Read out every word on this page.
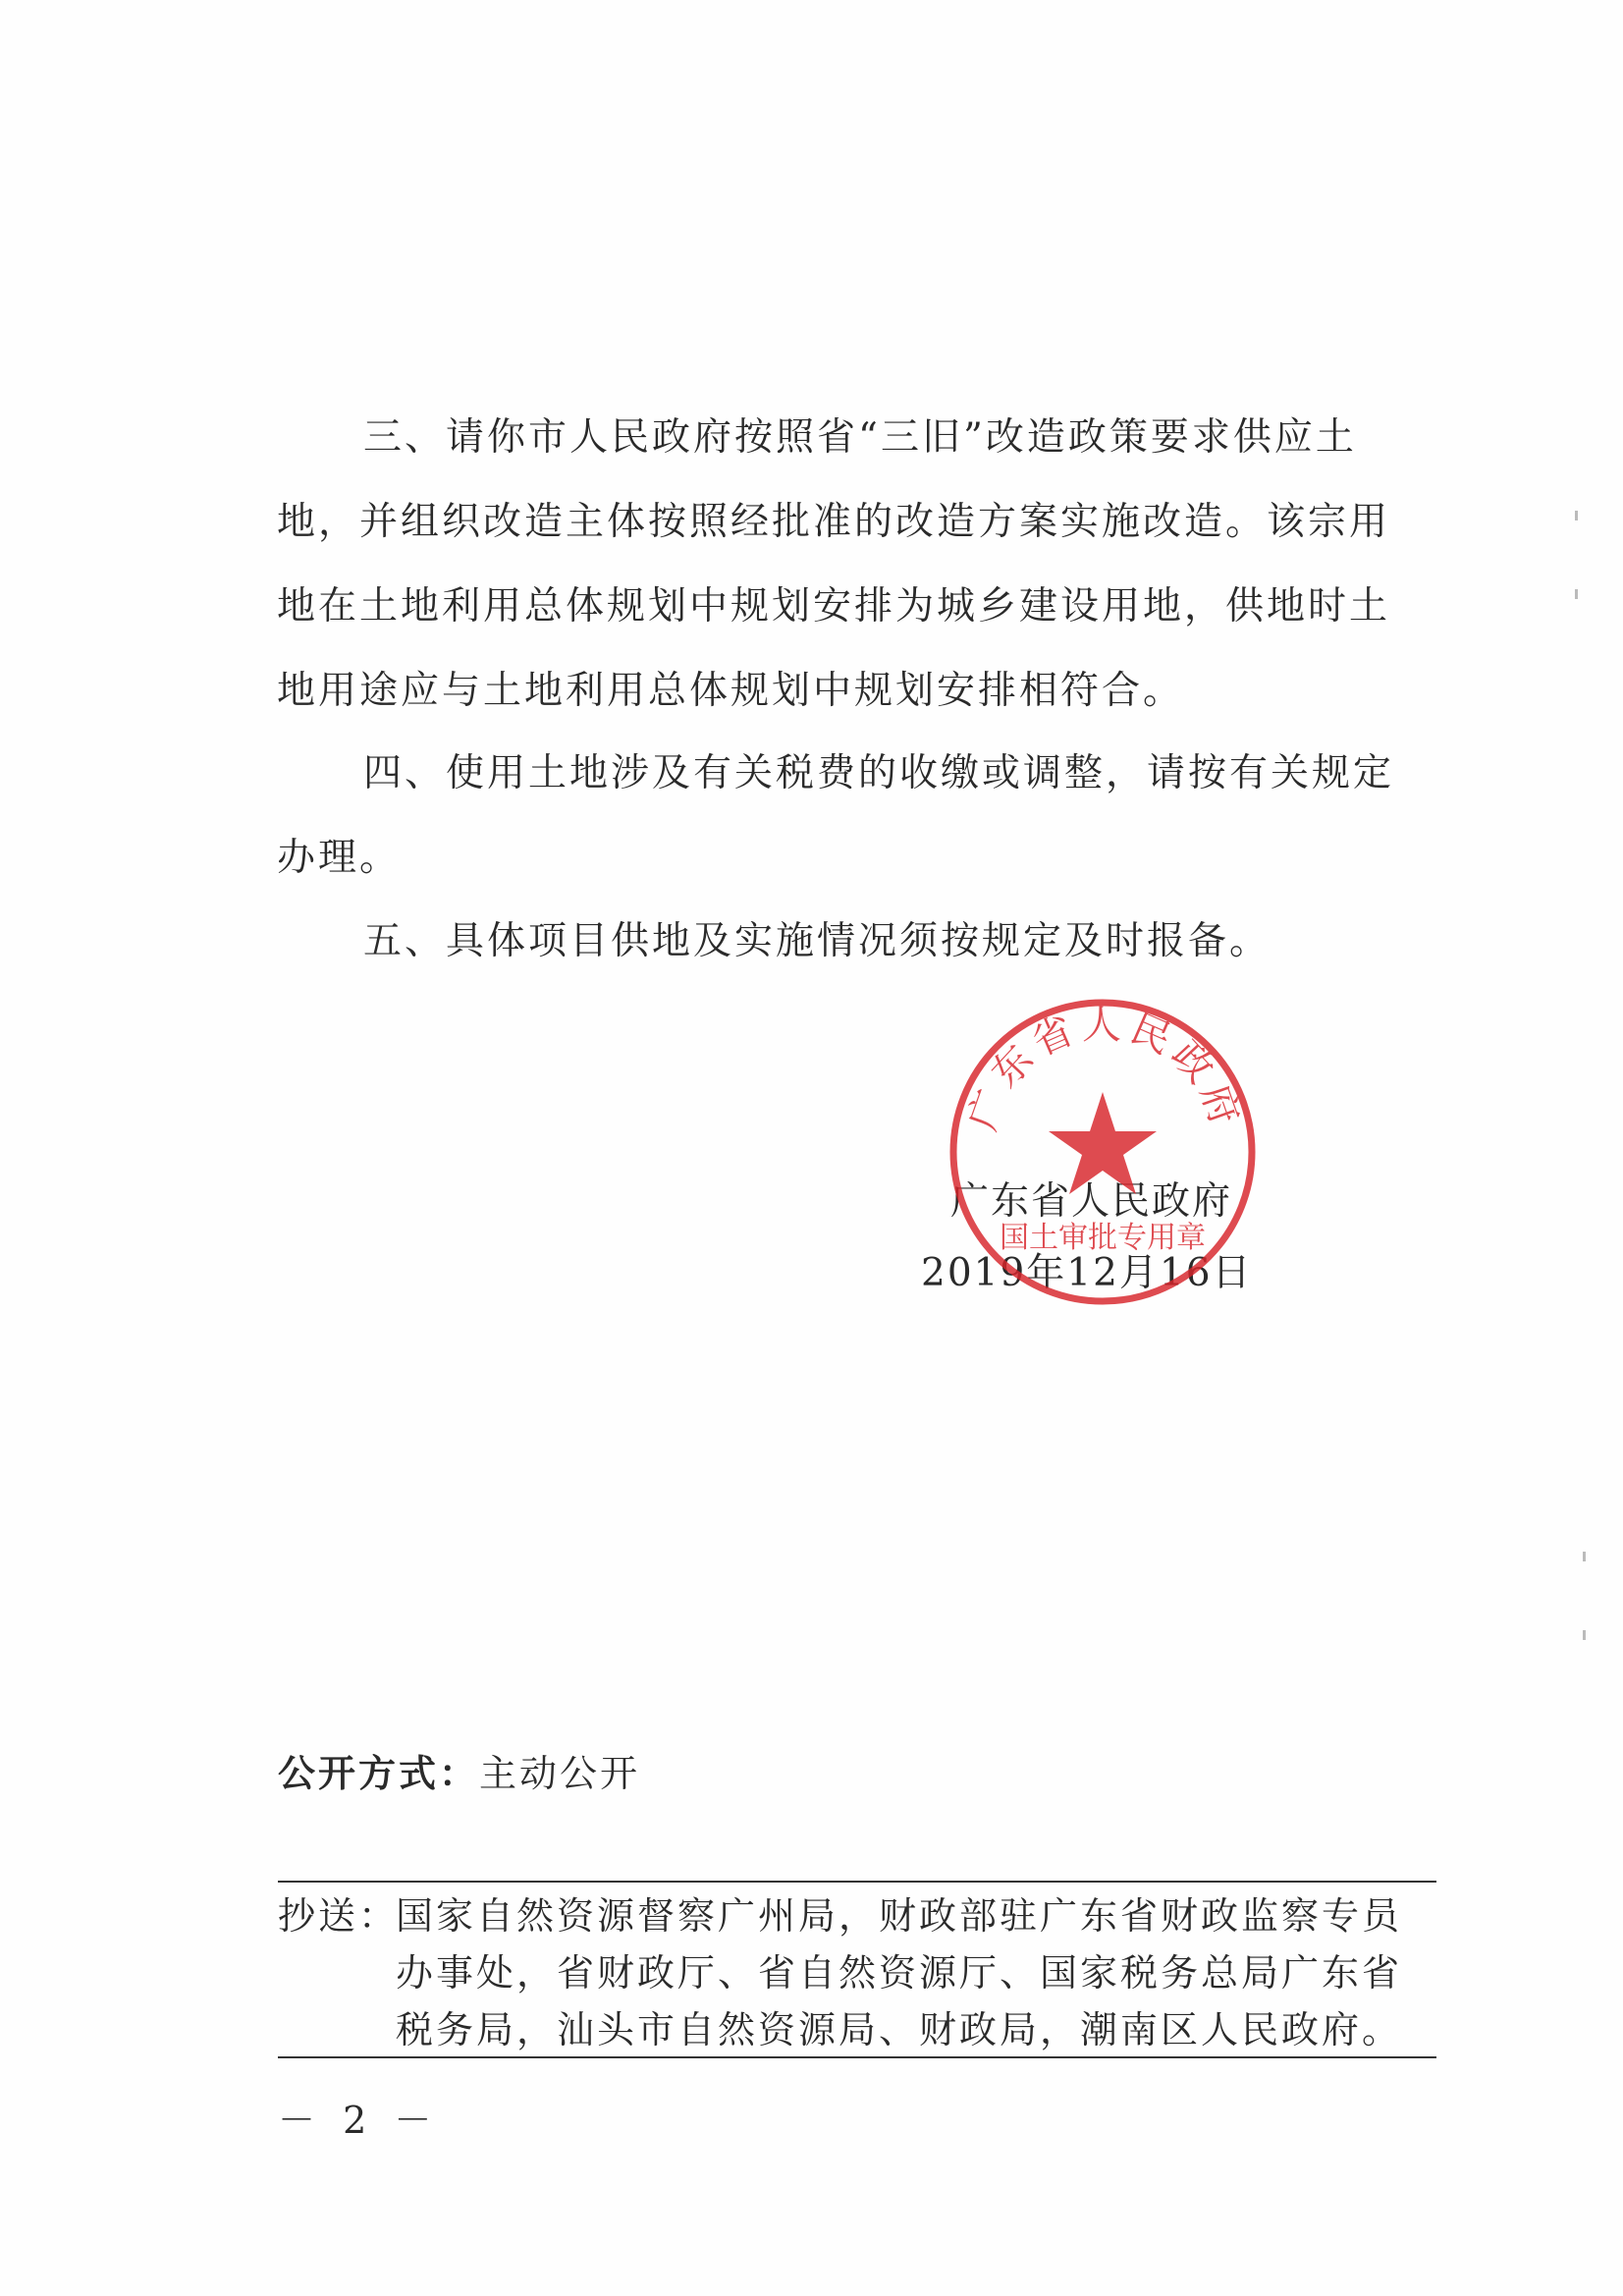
三、请你市人民政府按照省“三旧”改造政策要求供应土地，并组织改造主体按照经批准的改造方案实施改造。该宗用地在土地利用总体规划中规划安排为城乡建设用地，供地时土地用途应与土地利用总体规划中规划安排相符合。

四、使用土地涉及有关税费的收缴或调整，请按有关规定办理。

五、具体项目供地及实施情况须按规定及时报备。

广东省人民政府
国土审批专用章
广东省人民政府
2019年12月16日
公开方式：主动公开
抄送：
国家自然资源督察广州局，财政部驻广东省财政监察专员办事处，省财政厅、省自然资源厅、国家税务总局广东省税务局，汕头市自然资源局、财政局，潮南区人民政府。
－ 2 －
